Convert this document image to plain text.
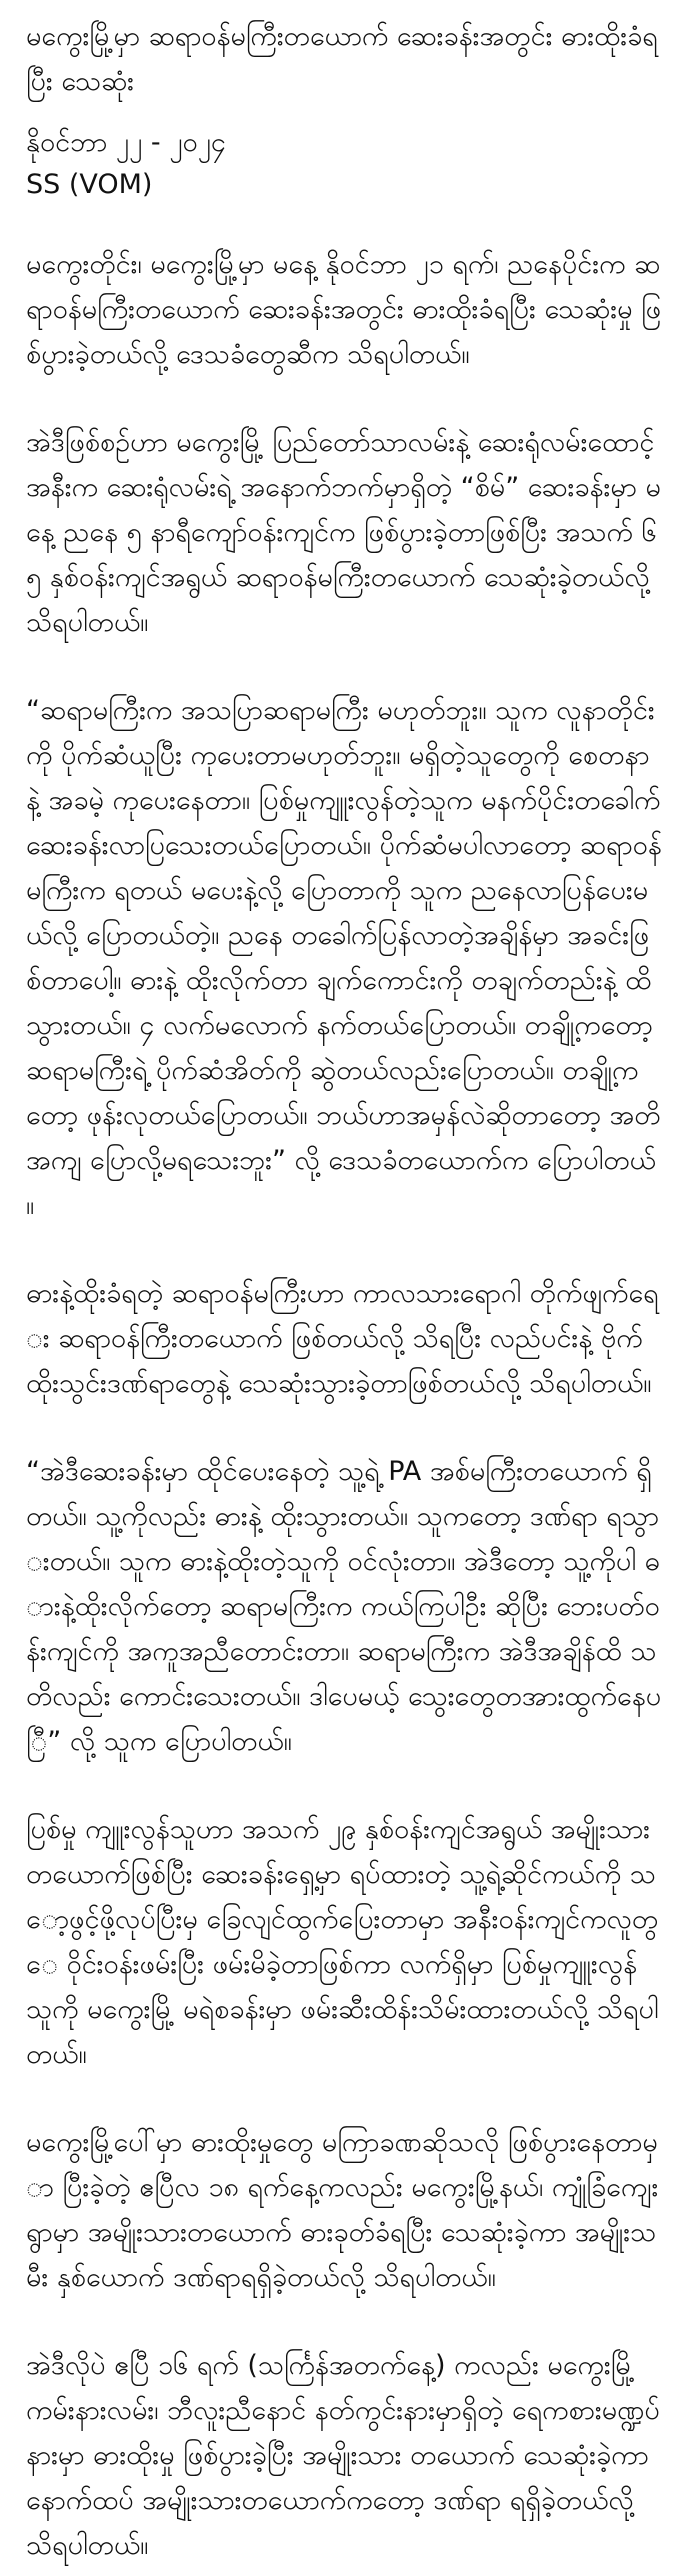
မကွေးမြို့မှာ ဆရာဝန်မကြီးတယောက် ဆေးခန်းအတွင်း ဓားထိုးခံရပြီး သေဆုံး

နိုဝင်ဘာ ၂၂ - ၂၀၂၄

SS (VOM)

မကွေးတိုင်း၊ မကွေးမြို့မှာ မနေ့ နိုဝင်ဘာ ၂၁ ရက်၊ ညနေပိုင်းက ဆရာဝန်မကြီးတယောက် ဆေးခန်းအတွင်း ဓားထိုးခံရပြီး သေဆုံးမှု ဖြစ်ပွားခဲ့တယ်လို့ ဒေသခံတွေဆီက သိရပါတယ်။

အဲဒီဖြစ်စဉ်ဟာ မကွေးမြို့ ပြည်တော်သာလမ်းနဲ့ ဆေးရုံလမ်းထောင့်အနီးက ဆေးရုံလမ်းရဲ့ အနောက်ဘက်မှာရှိတဲ့ “စိမ်” ဆေးခန်းမှာ မနေ့ ညနေ ၅ နာရီကျော်ဝန်းကျင်က ဖြစ်ပွားခဲ့တာဖြစ်ပြီး အသက် ၆၅ နှစ်ဝန်းကျင်အရွယ် ဆရာဝန်မကြီးတယောက် သေဆုံးခဲ့တယ်လို့ သိရပါတယ်။

“ဆရာမကြီးက အသပြာဆရာမကြီး မဟုတ်ဘူး။ သူက လူနာတိုင်းကို ပိုက်ဆံယူပြီး ကုပေးတာမဟုတ်ဘူး။ မရှိတဲ့သူတွေကို စေတနာနဲ့ အခမဲ့ ကုပေးနေတာ။ ပြစ်မှုကျူးလွန်တဲ့သူက မနက်ပိုင်းတခေါက် ဆေးခန်းလာပြသေးတယ်ပြောတယ်။ ပိုက်ဆံမပါလာတော့ ဆရာဝန်မကြီးက ရတယ် မပေးနဲ့လို့ ပြောတာကို သူက ညနေလာပြန်ပေးမယ်လို့ ပြောတယ်တဲ့။ ညနေ တခေါက်ပြန်လာတဲ့အချိန်မှာ အခင်းဖြစ်တာပေါ့။ ဓားနဲ့ ထိုးလိုက်တာ ချက်ကောင်းကို တချက်တည်းနဲ့ ထိသွားတယ်။ ၄ လက်မလောက် နက်တယ်ပြောတယ်။ တချို့ကတော့ ဆရာမကြီးရဲ့ ပိုက်ဆံအိတ်ကို ဆွဲတယ်လည်းပြောတယ်။ တချို့ကတော့ ဖုန်းလုတယ်ပြောတယ်။ ဘယ်ဟာအမှန်လဲဆိုတာတော့ အတိအကျ ပြောလို့မရသေးဘူး” လို့ ဒေသခံတယောက်က ပြောပါတယ်။

ဓားနဲ့ထိုးခံရတဲ့ ဆရာဝန်မကြီးဟာ ကာလသားရောဂါ တိုက်ဖျက်ရေး ဆရာဝန်ကြီးတယောက် ဖြစ်တယ်လို့ သိရပြီး လည်ပင်းနဲ့ ဗိုက် ထိုးသွင်းဒဏ်ရာတွေနဲ့ သေဆုံးသွားခဲ့တာဖြစ်တယ်လို့ သိရပါတယ်။

“အဲဒီဆေးခန်းမှာ ထိုင်ပေးနေတဲ့ သူ့ရဲ့ PA အစ်မကြီးတယောက် ရှိတယ်။ သူ့ကိုလည်း ဓားနဲ့ ထိုးသွားတယ်။ သူကတော့ ဒဏ်ရာ ရသွားတယ်။ သူက ဓားနဲ့ထိုးတဲ့သူကို ဝင်လုံးတာ။ အဲဒီတော့ သူ့ကိုပါ ဓားနဲ့ထိုးလိုက်တော့ ဆရာမကြီးက ကယ်ကြပါဦး ဆိုပြီး ဘေးပတ်ဝန်းကျင်ကို အကူအညီတောင်းတာ။ ဆရာမကြီးက အဲဒီအချိန်ထိ သတိလည်း ကောင်းသေးတယ်။ ဒါပေမယ့် သွေးတွေတအားထွက်နေပြီ” လို့ သူက ပြောပါတယ်။

ပြစ်မှု ကျူးလွန်သူဟာ အသက် ၂၉ နှစ်ဝန်းကျင်အရွယ် အမျိုးသားတယောက်ဖြစ်ပြီး ဆေးခန်းရှေ့မှာ ရပ်ထားတဲ့ သူ့ရဲ့ဆိုင်ကယ်ကို သော့ဖွင့်ဖို့လုပ်ပြီးမှ ခြေလျင်ထွက်ပြေးတာမှာ အနီးဝန်းကျင်ကလူတွေ ဝိုင်းဝန်းဖမ်းပြီး ဖမ်းမိခဲ့တာဖြစ်ကာ လက်ရှိမှာ ပြစ်မှုကျူးလွန်သူကို မကွေးမြို့ မရဲစခန်းမှာ ဖမ်းဆီးထိန်းသိမ်းထားတယ်လို့ သိရပါတယ်။

မကွေးမြို့ပေါ်မှာ ဓားထိုးမှုတွေ မကြာခဏဆိုသလို ဖြစ်ပွားနေတာမှာ ပြီးခဲ့တဲ့ ဧပြီလ ၁၈ ရက်နေ့ကလည်း မကွေးမြို့နယ်၊ ကျုံခြံကျေးရွာမှာ အမျိုးသားတယောက် ဓားခုတ်ခံရပြီး သေဆုံးခဲ့ကာ အမျိုးသမီး နှစ်ယောက် ဒဏ်ရာရရှိခဲ့တယ်လို့ သိရပါတယ်။

အဲဒီလိုပဲ ဧပြီ ၁၆ ရက် (သင်္ကြန်အတက်နေ့) ကလည်း မကွေးမြို့ ကမ်းနားလမ်း၊ ဘီလူးညီနောင် နတ်ကွင်းနားမှာရှိတဲ့ ရေကစားမဏ္ဍပ်နားမှာ ဓားထိုးမှု ဖြစ်ပွားခဲ့ပြီး အမျိုးသား တယောက် သေဆုံးခဲ့ကာ နောက်ထပ် အမျိုးသားတယောက်ကတော့ ဒဏ်ရာ ရရှိခဲ့တယ်လို့ သိရပါတယ်။
